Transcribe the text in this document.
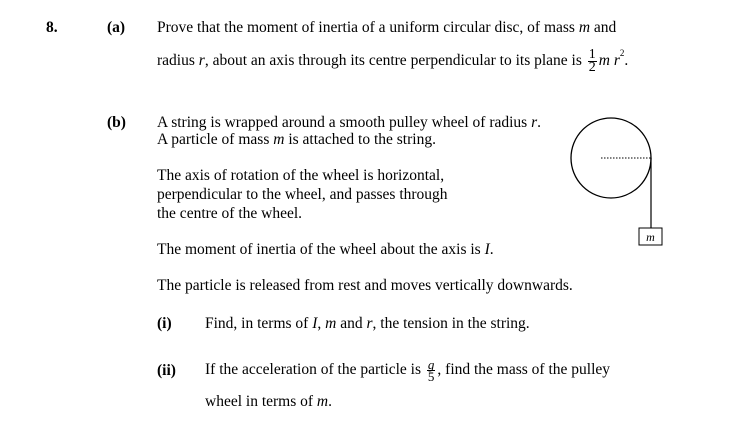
8.	(a) Prove that the moment of inertia of a uniform circular disc, of mass m and
radius r, about an axis through its centre perpendicular to its plane is $\frac{1}{2}$ m $r^2$.
(b) A string is wrapped around a smooth pulley wheel of radius r.
A particle of mass m is attached to the string.
The axis of rotation of the wheel is horizontal,
perpendicular to the wheel, and passes through
the centre of the wheel.
The moment of inertia of the wheel about the axis is I.
The particle is released from rest and moves vertically downwards.
(i) Find, in terms of I, m and r, the tension in the string.
(ii) If the acceleration of the particle is $\frac{g}{5}$ , find the mass of the pulley
wheel in terms of m.
m
